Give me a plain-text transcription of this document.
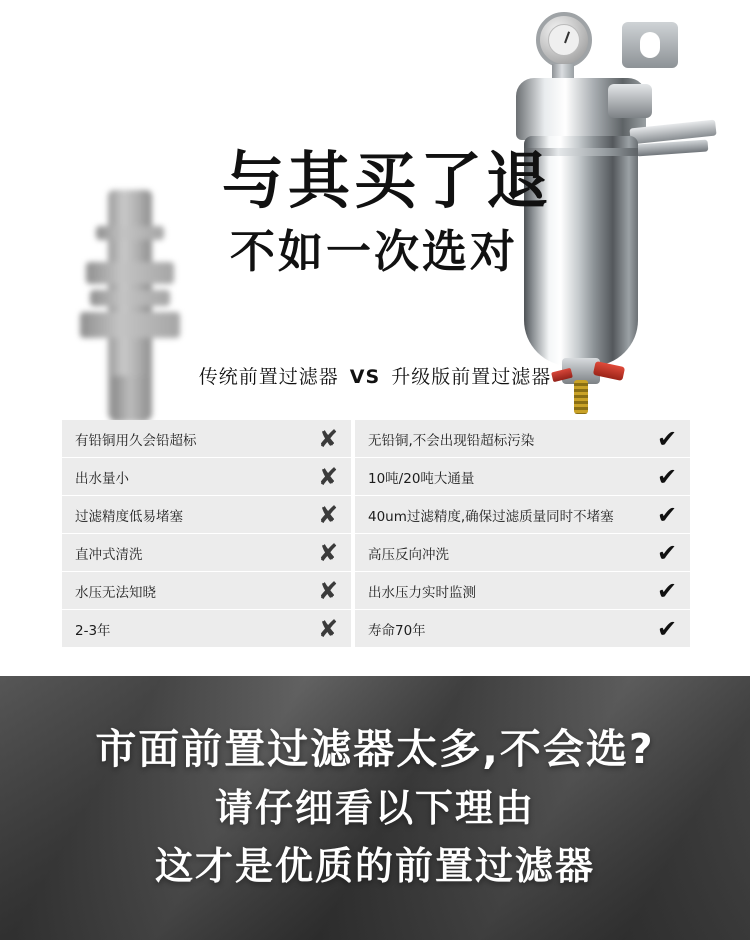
与其买了退
不如一次选对
传统前置过滤器 VS 升级版前置过滤器
有铅铜用久会铅超标	✘	无铅铜,不会出现铅超标污染	✔
出水量小	✘	10吨/20吨大通量	✔
过滤精度低易堵塞	✘	40um过滤精度,确保过滤质量同时不堵塞	✔
直冲式清洗	✘	高压反向冲洗	✔
水压无法知晓	✘	出水压力实时监测	✔
2-3年	✘	寿命70年	✔
市面前置过滤器太多,不会选?
请仔细看以下理由
这才是优质的前置过滤器
